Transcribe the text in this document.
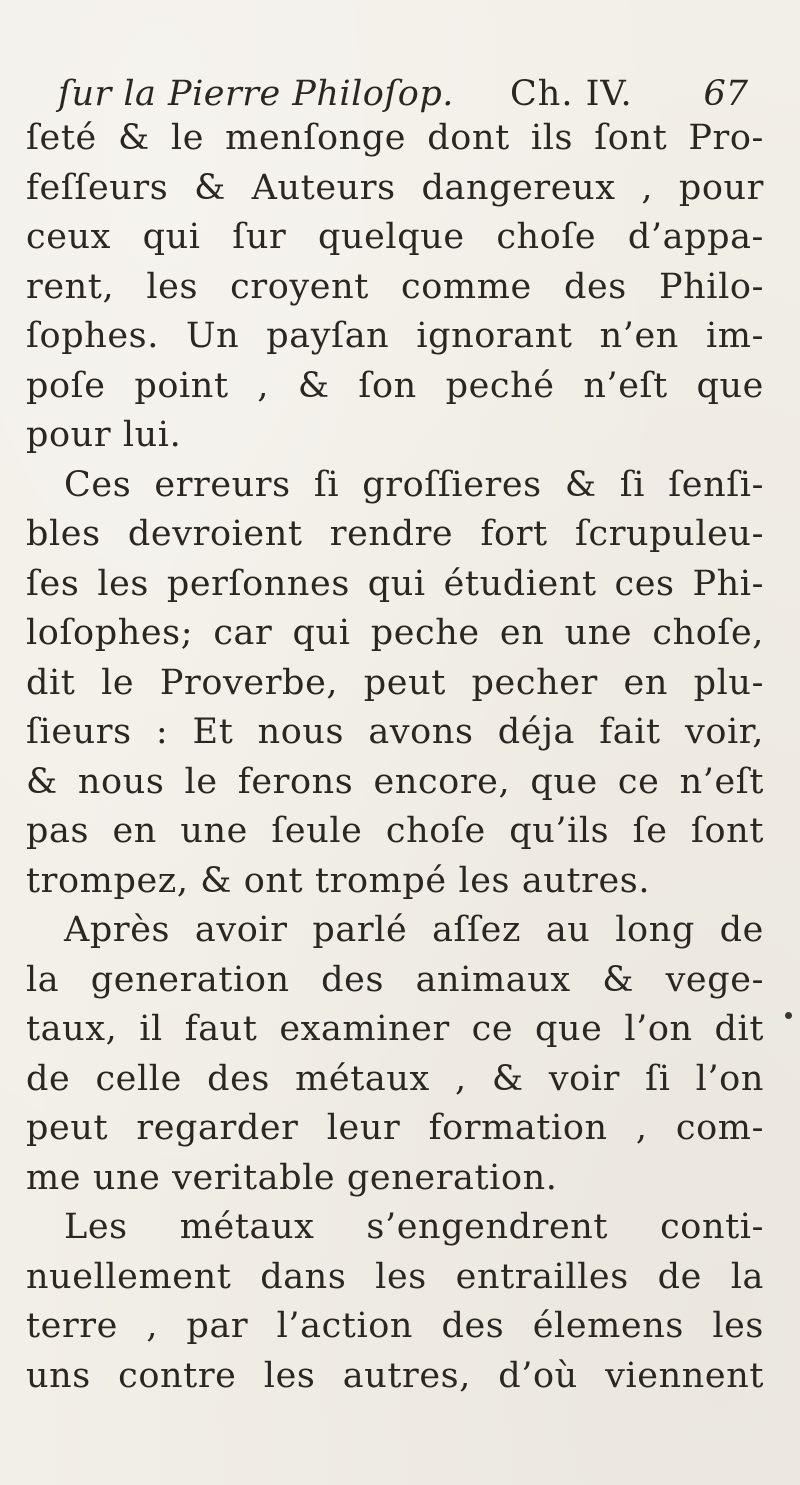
ſur la Pierre Philoſop. Ch. IV. 67
ſeté & le menſonge dont ils ſont Pro-
feſſeurs & Auteurs dangereux , pour
ceux qui ſur quelque choſe d’appa-
rent, les croyent comme des Philo-
ſophes. Un payſan ignorant n’en im-
poſe point , & ſon peché n’eſt que
pour lui.
Ces erreurs ſi groſſieres & ſi ſenſi-
bles devroient rendre fort ſcrupuleu-
ſes les perſonnes qui étudient ces Phi-
loſophes; car qui peche en une choſe,
dit le Proverbe, peut pecher en plu-
ſieurs : Et nous avons déja fait voir,
& nous le ferons encore, que ce n’eſt
pas en une ſeule choſe qu’ils ſe ſont
trompez, & ont trompé les autres.
Après avoir parlé aſſez au long de
la generation des animaux & vege-
taux, il faut examiner ce que l’on dit
de celle des métaux , & voir ſi l’on
peut regarder leur formation , com-
me une veritable generation.
Les métaux s’engendrent conti-
nuellement dans les entrailles de la
terre , par l’action des élemens les
uns contre les autres, d’où viennent
